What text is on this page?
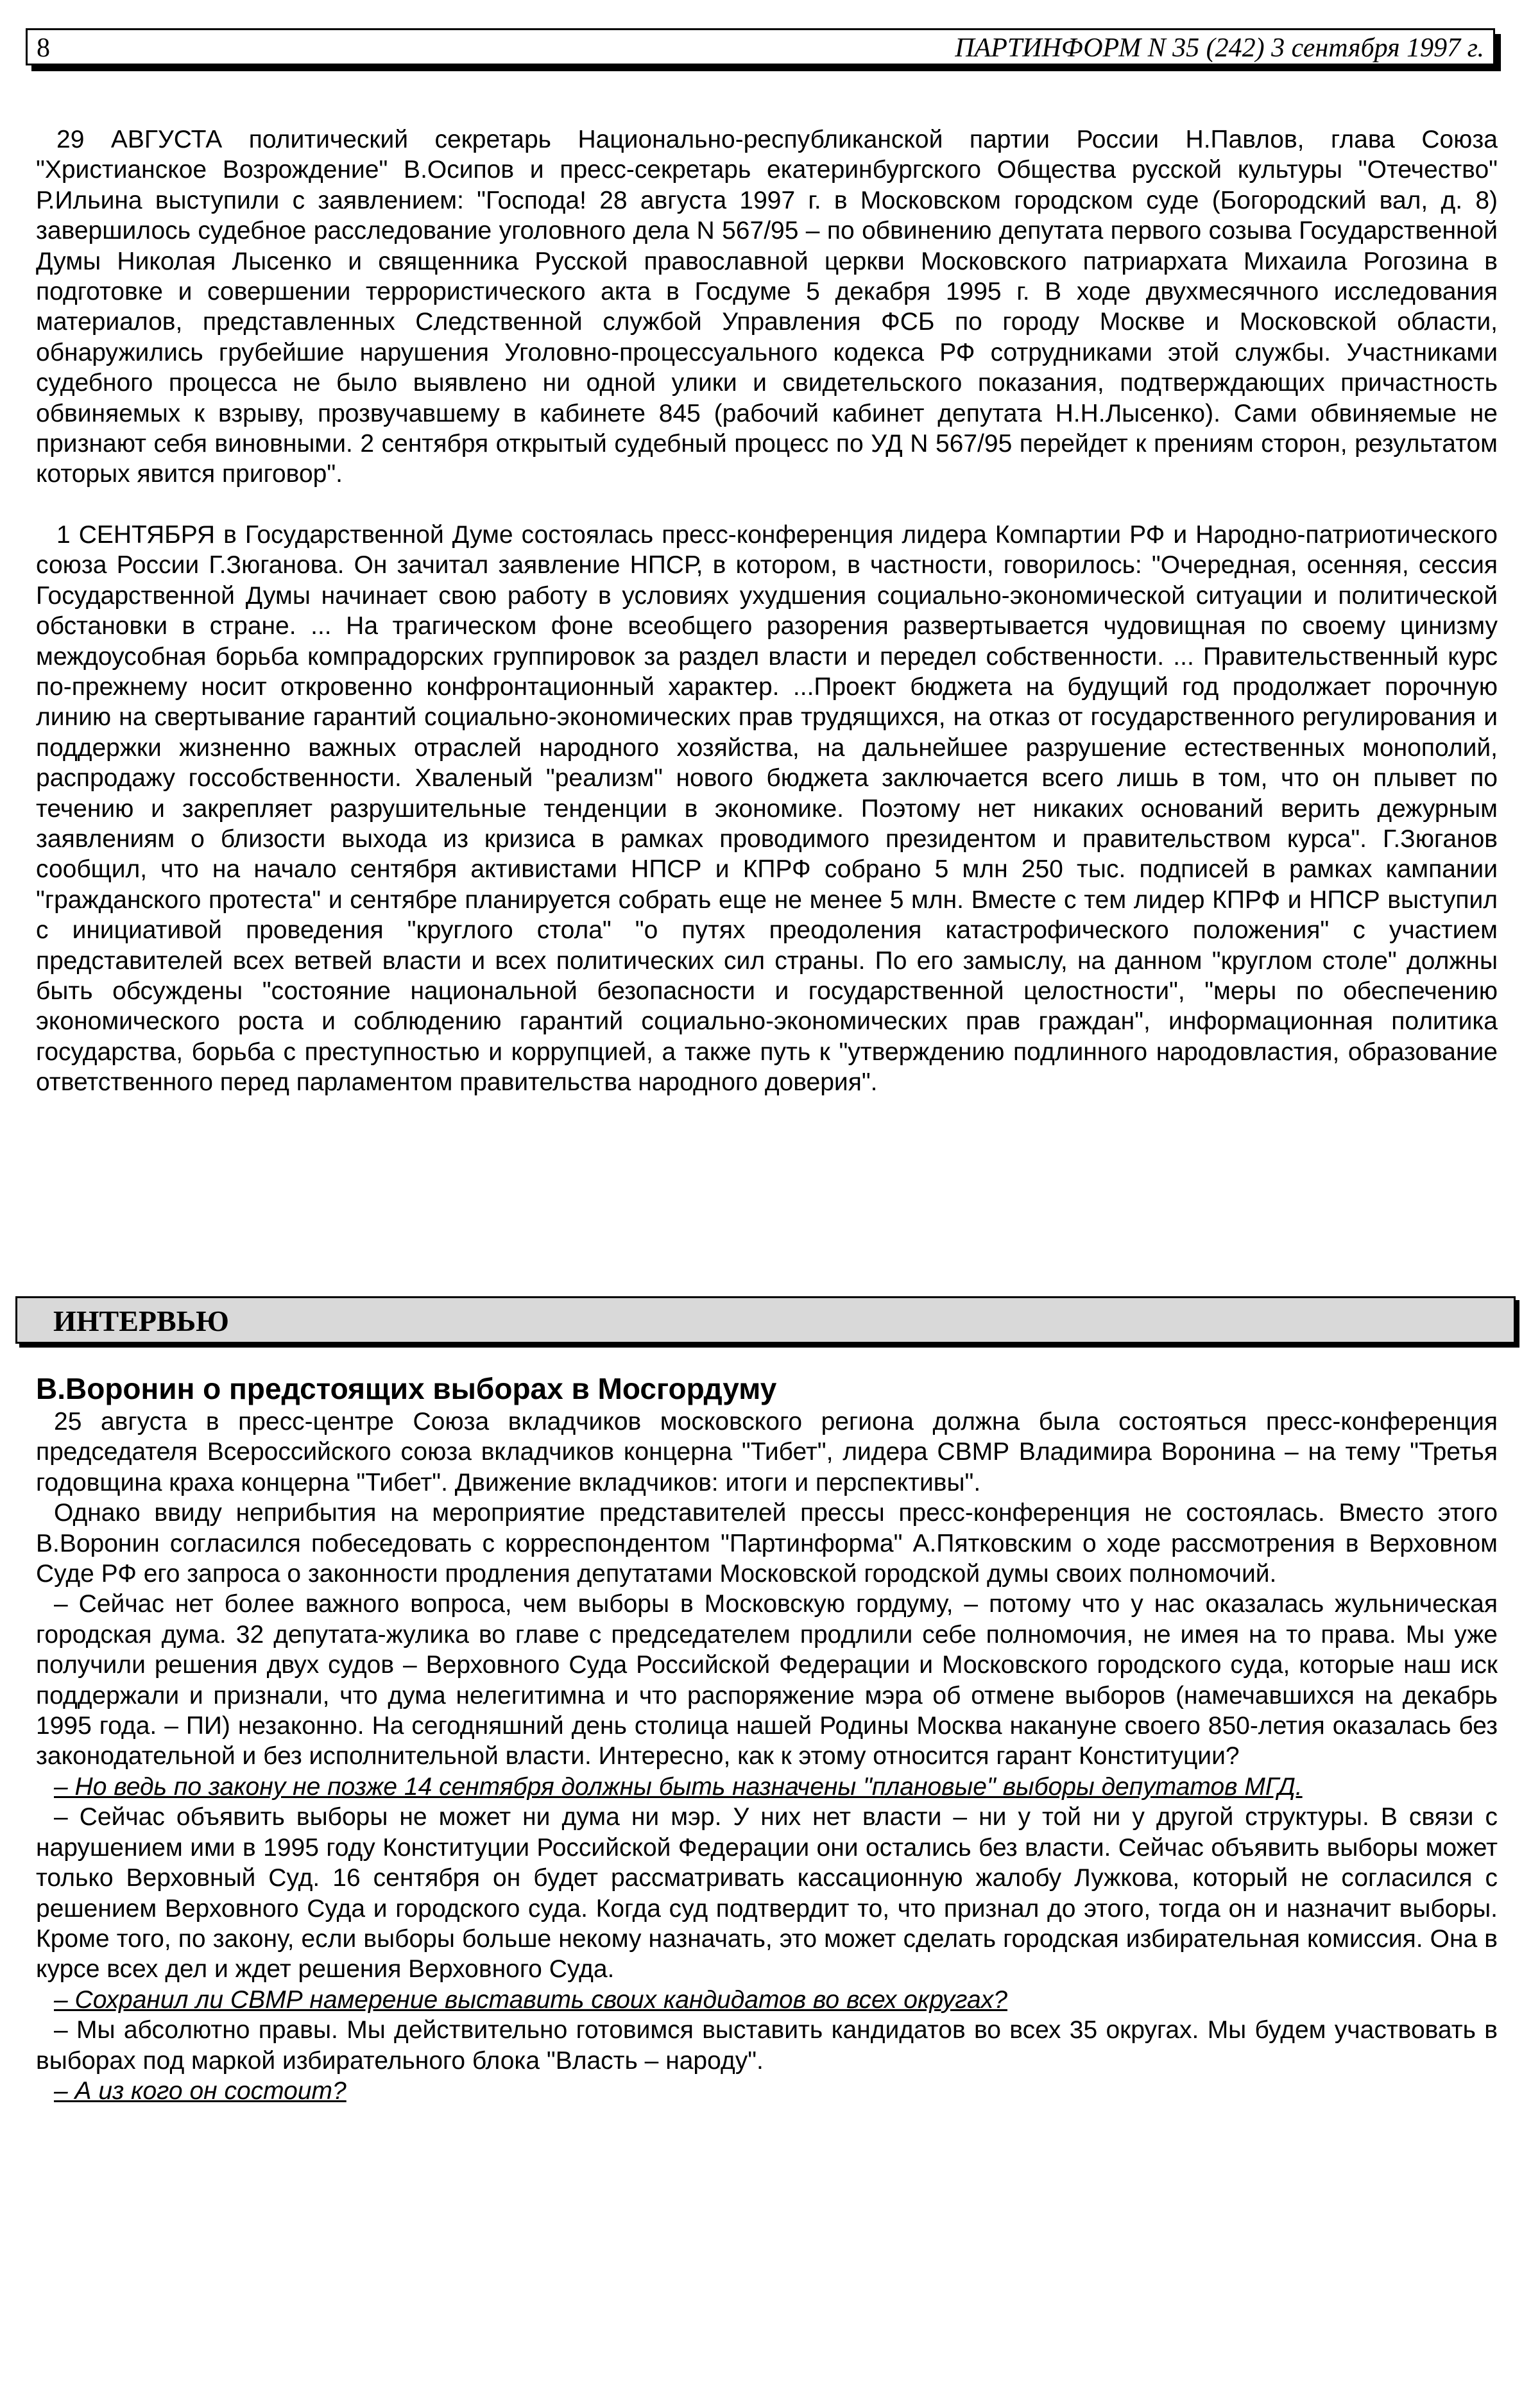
8	ПАРТИНФОРМ N 35 (242) 3 сентября 1997 г.

29 АВГУСТА политический секретарь Национально-республиканской партии России Н.Павлов, глава Союза "Христианское Возрождение" В.Осипов и пресс-секретарь екатеринбургского Общества русской культуры "Отечество" Р.Ильина выступили с заявлением: "Господа! 28 августа 1997 г. в Московском городском суде (Богородский вал, д. 8) завершилось судебное расследование уголовного дела N 567/95 – по обвинению депутата первого созыва Государственной Думы Николая Лысенко и священника Русской православной церкви Московского патриархата Михаила Рогозина в подготовке и совершении террористического акта в Госдуме 5 декабря 1995 г. В ходе двухмесячного исследования материалов, представленных Следственной службой Управления ФСБ по городу Москве и Московской области, обнаружились грубейшие нарушения Уголовно-процессуального кодекса РФ сотрудниками этой службы. Участниками судебного процесса не было выявлено ни одной улики и свидетельского показания, подтверждающих причастность обвиняемых к взрыву, прозвучавшему в кабинете 845 (рабочий кабинет депутата Н.Н.Лысенко). Сами обвиняемые не признают себя виновными. 2 сентября открытый судебный процесс по УД N 567/95 перейдет к прениям сторон, результатом которых явится приговор".

1 СЕНТЯБРЯ в Государственной Думе состоялась пресс-конференция лидера Компартии РФ и Народно-патриотического союза России Г.Зюганова. Он зачитал заявление НПСР, в котором, в частности, говорилось: "Очередная, осенняя, сессия Государственной Думы начинает свою работу в условиях ухудшения социально-экономической ситуации и политической обстановки в стране. ... На трагическом фоне всеобщего разорения развертывается чудовищная по своему цинизму междоусобная борьба компрадорских группировок за раздел власти и передел собственности. ... Правительственный курс по-прежнему носит откровенно конфронтационный характер. ...Проект бюджета на будущий год продолжает порочную линию на свертывание гарантий социально-экономических прав трудящихся, на отказ от государственного регулирования и поддержки жизненно важных отраслей народного хозяйства, на дальнейшее разрушение естественных монополий, распродажу госсобственности. Хваленый "реализм" нового бюджета заключается всего лишь в том, что он плывет по течению и закрепляет разрушительные тенденции в экономике. Поэтому нет никаких оснований верить дежурным заявлениям о близости выхода из кризиса в рамках проводимого президентом и правительством курса". Г.Зюганов сообщил, что на начало сентября активистами НПСР и КПРФ собрано 5 млн 250 тыс. подписей в рамках кампании "гражданского протеста" и сентябре планируется собрать еще не менее 5 млн. Вместе с тем лидер КПРФ и НПСР выступил с инициативой проведения "круглого стола" "о путях преодоления катастрофического положения" с участием представителей всех ветвей власти и всех политических сил страны. По его замыслу, на данном "круглом столе" должны быть обсуждены "состояние национальной безопасности и государственной целостности", "меры по обеспечению экономического роста и соблюдению гарантий социально-экономических прав граждан", информационная политика государства, борьба с преступностью и коррупцией, а также путь к "утверждению подлинного народовластия, образование ответственного перед парламентом правительства народного доверия".

ИНТЕРВЬЮ
В.Воронин о предстоящих выборах в Мосгордуму

25 августа в пресс-центре Союза вкладчиков московского региона должна была состояться пресс-конференция председателя Всероссийского союза вкладчиков концерна "Тибет", лидера СВМР Владимира Воронина – на тему "Третья годовщина краха концерна "Тибет". Движение вкладчиков: итоги и перспективы".

Однако ввиду неприбытия на мероприятие представителей прессы пресс-конференция не состоялась. Вместо этого В.Воронин согласился побеседовать с корреспондентом "Партинформа" А.Пятковским о ходе рассмотрения в Верховном Суде РФ его запроса о законности продления депутатами Московской городской думы своих полномочий.

– Сейчас нет более важного вопроса, чем выборы в Московскую гордуму, – потому что у нас оказалась жульническая городская дума. 32 депутата-жулика во главе с председателем продлили себе полномочия, не имея на то права. Мы уже получили решения двух судов – Верховного Суда Российской Федерации и Московского городского суда, которые наш иск поддержали и признали, что дума нелегитимна и что распоряжение мэра об отмене выборов (намечавшихся на декабрь 1995 года. – ПИ) незаконно. На сегодняшний день столица нашей Родины Москва накануне своего 850-летия оказалась без законодательной и без исполнительной власти. Интересно, как к этому относится гарант Конституции?

– Но ведь по закону не позже 14 сентября должны быть назначены "плановые" выборы депутатов МГД.

– Сейчас объявить выборы не может ни дума ни мэр. У них нет власти – ни у той ни у другой структуры. В связи с нарушением ими в 1995 году Конституции Российской Федерации они остались без власти. Сейчас объявить выборы может только Верховный Суд. 16 сентября он будет рассматривать кассационную жалобу Лужкова, который не согласился с решением Верховного Суда и городского суда. Когда суд подтвердит то, что признал до этого, тогда он и назначит выборы. Кроме того, по закону, если выборы больше некому назначать, это может сделать городская избирательная комиссия. Она в курсе всех дел и ждет решения Верховного Суда.

– Сохранил ли СВМР намерение выставить своих кандидатов во всех округах?

– Мы абсолютно правы. Мы действительно готовимся выставить кандидатов во всех 35 округах. Мы будем участвовать в выборах под маркой избирательного блока "Власть – народу".

– А из кого он состоит?
